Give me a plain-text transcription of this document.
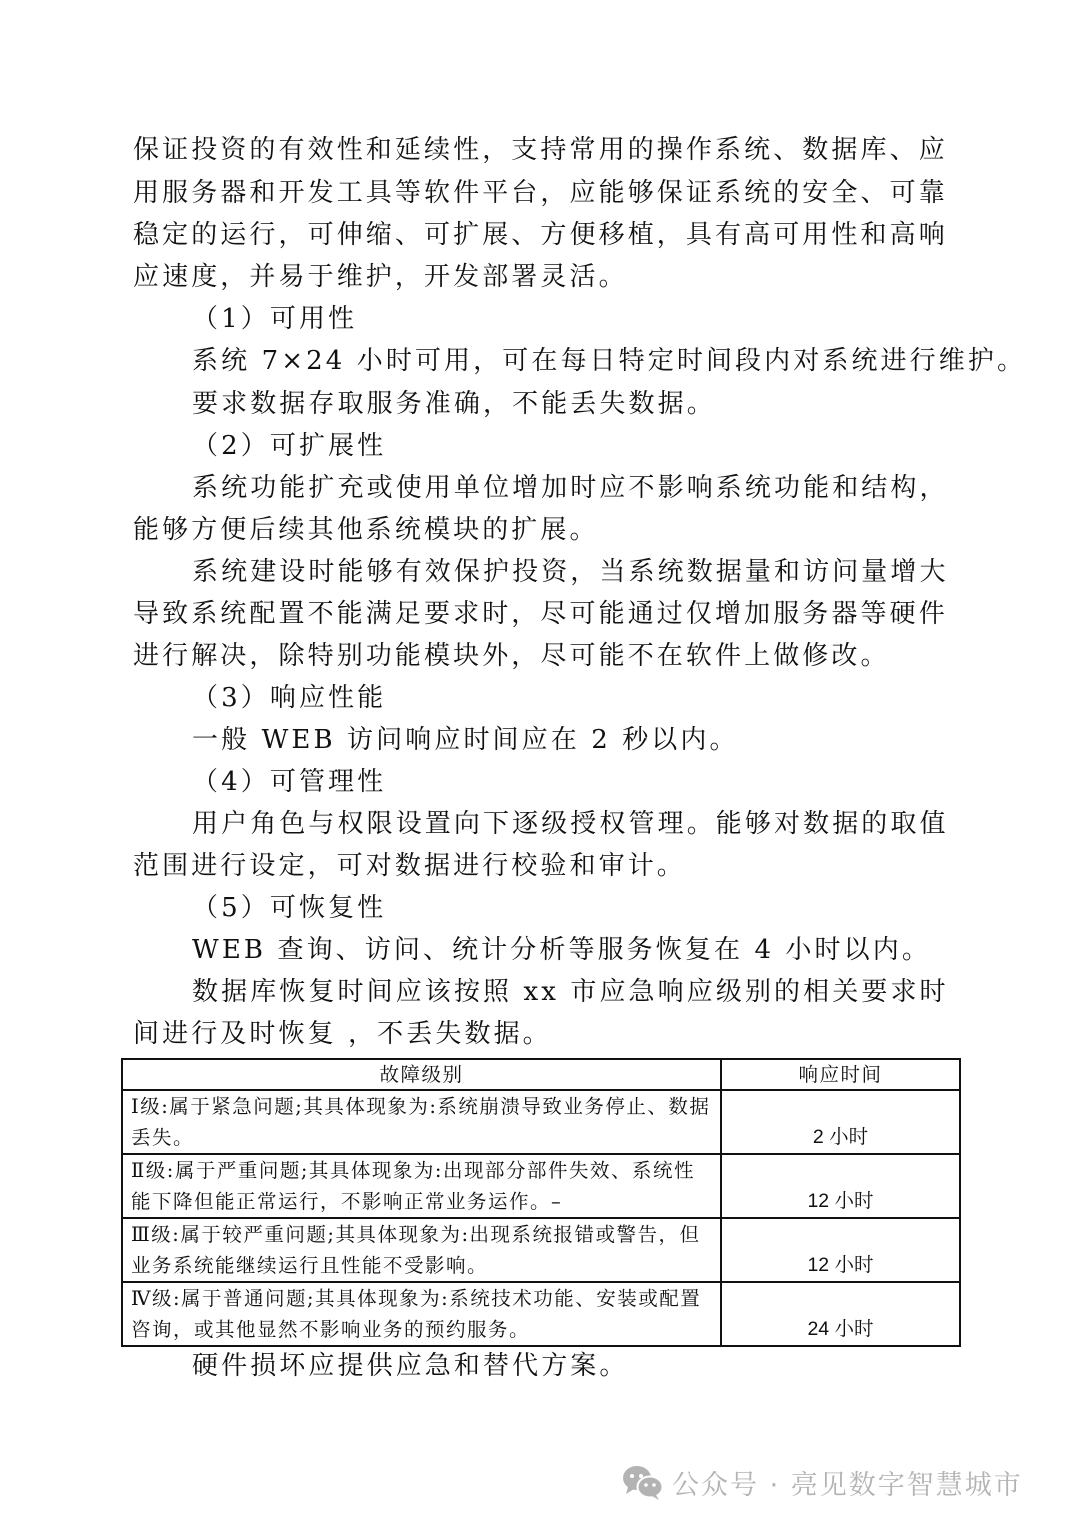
保证投资的有效性和延续性，支持常用的操作系统、数据库、应
用服务器和开发工具等软件平台，应能够保证系统的安全、可靠
稳定的运行，可伸缩、可扩展、方便移植，具有高可用性和高响
应速度，并易于维护，开发部署灵活。
（1）可用性
系统 7×24 小时可用，可在每日特定时间段内对系统进行维护。
要求数据存取服务准确，不能丢失数据。
（2）可扩展性
系统功能扩充或使用单位增加时应不影响系统功能和结构，
能够方便后续其他系统模块的扩展。
系统建设时能够有效保护投资，当系统数据量和访问量增大
导致系统配置不能满足要求时，尽可能通过仅增加服务器等硬件
进行解决，除特别功能模块外，尽可能不在软件上做修改。
（3）响应性能
一般 WEB 访问响应时间应在 2 秒以内。
（4）可管理性
用户角色与权限设置向下逐级授权管理。能够对数据的取值
范围进行设定，可对数据进行校验和审计。
（5）可恢复性
WEB 查询、访问、统计分析等服务恢复在 4 小时以内。
数据库恢复时间应该按照 xx 市应急响应级别的相关要求时
间进行及时恢复 ，不丢失数据。
故障级别	响应时间
Ⅰ级:属于紧急问题;其具体现象为:系统崩溃导致业务停止、数据丢失。	2 小时
Ⅱ级:属于严重问题;其具体现象为:出现部分部件失效、系统性能下降但能正常运行，不影响正常业务运作。–	12 小时
Ⅲ级:属于较严重问题;其具体现象为:出现系统报错或警告，但业务系统能继续运行且性能不受影响。	12 小时
Ⅳ级:属于普通问题;其具体现象为:系统技术功能、安装或配置咨询，或其他显然不影响业务的预约服务。	24 小时
硬件损坏应提供应急和替代方案。
公众号 · 亮见数字智慧城市
